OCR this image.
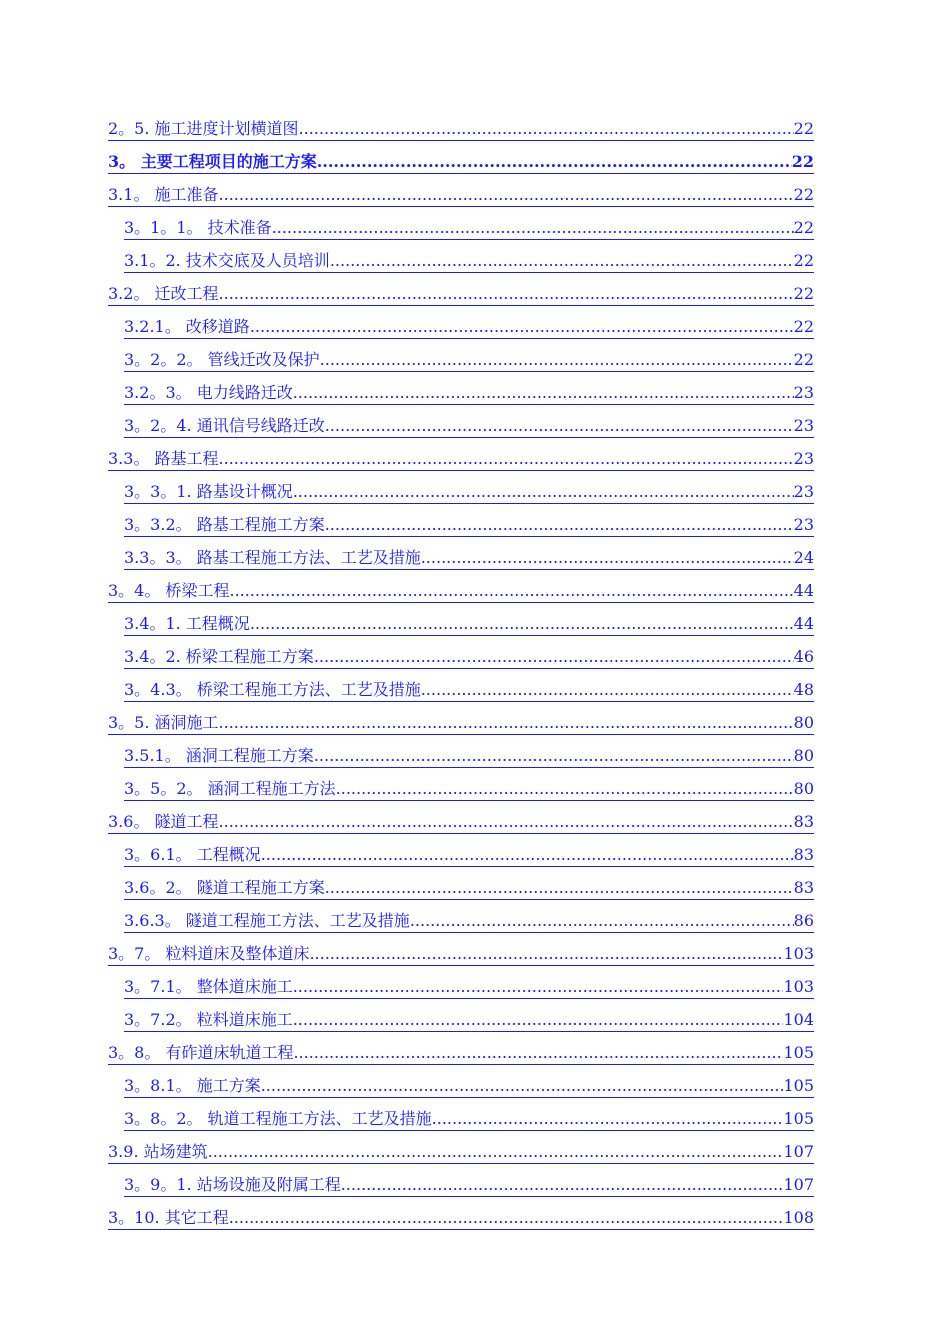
2。5. 施工进度计划横道图 .....	22
3。 主要工程项目的施工方案 .....	22
3.1。 施工准备 .....	22
3。1。1。 技术准备 .....	22
3.1。2. 技术交底及人员培训 .....	22
3.2。 迁改工程 .....	22
3.2.1。 改移道路 .....	22
3。2。2。 管线迁改及保护 .....	22
3.2。3。 电力线路迁改 .....	23
3。2。4. 通讯信号线路迁改 .....	23
3.3。 路基工程 .....	23
3。3。1. 路基设计概况 .....	23
3。3.2。 路基工程施工方案 .....	23
3.3。3。 路基工程施工方法、工艺及措施 .....	24
3。4。 桥梁工程 .....	44
3.4。1. 工程概况 .....	44
3.4。2. 桥梁工程施工方案 .....	46
3。4.3。 桥梁工程施工方法、工艺及措施 .....	48
3。5. 涵洞施工 .....	80
3.5.1。 涵洞工程施工方案 .....	80
3。5。2。 涵洞工程施工方法 .....	80
3.6。 隧道工程 .....	83
3。6.1。 工程概况 .....	83
3.6。2。 隧道工程施工方案 .....	83
3.6.3。 隧道工程施工方法、工艺及措施 .....	86
3。7。 粒料道床及整体道床 .....	103
3。7.1。 整体道床施工 .....	103
3。7.2。 粒料道床施工 .....	104
3。8。 有砟道床轨道工程 .....	105
3。8.1。 施工方案 .....	105
3。8。2。 轨道工程施工方法、工艺及措施 .....	105
3.9. 站场建筑 .....	107
3。9。1. 站场设施及附属工程 .....	107
3。10. 其它工程 .....	108
